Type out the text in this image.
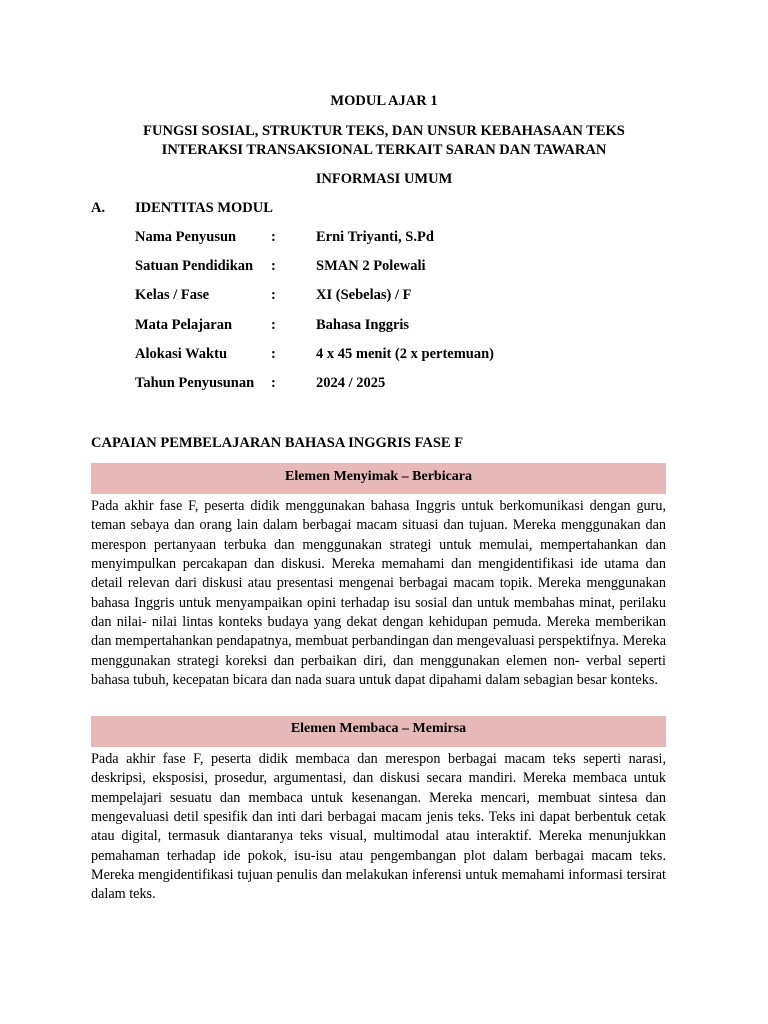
MODUL AJAR 1
FUNGSI SOSIAL, STRUKTUR TEKS, DAN UNSUR KEBAHASAAN TEKS
INTERAKSI TRANSAKSIONAL TERKAIT SARAN DAN TAWARAN
INFORMASI UMUM
A. IDENTITAS MODUL
Nama Penyusun :	Erni Triyanti, S.Pd
Satuan Pendidikan :	SMAN 2 Polewali
Kelas / Fase	:	XI (Sebelas) / F
Mata Pelajaran	:	Bahasa Inggris
Alokasi Waktu	:	4 x 45 menit (2 x pertemuan)
Tahun Penyusunan :	2024 / 2025
CAPAIAN PEMBELAJARAN BAHASA INGGRIS FASE F
Elemen Menyimak – Berbicara
Pada akhir fase F, peserta didik menggunakan bahasa Inggris untuk berkomunikasi dengan guru, teman sebaya dan orang lain dalam berbagai macam situasi dan tujuan. Mereka menggunakan dan merespon pertanyaan terbuka dan menggunakan strategi untuk memulai, mempertahankan dan menyimpulkan percakapan dan diskusi. Mereka memahami dan mengidentifikasi ide utama dan detail relevan dari diskusi atau presentasi mengenai berbagai macam topik. Mereka menggunakan bahasa Inggris untuk menyampaikan opini terhadap isu sosial dan untuk membahas minat, perilaku dan nilai- nilai lintas konteks budaya yang dekat dengan kehidupan pemuda. Mereka memberikan dan mempertahankan pendapatnya, membuat perbandingan dan mengevaluasi perspektifnya. Mereka menggunakan strategi koreksi dan perbaikan diri, dan menggunakan elemen non- verbal seperti bahasa tubuh, kecepatan bicara dan nada suara untuk dapat dipahami dalam sebagian besar konteks.
Elemen Membaca – Memirsa
Pada akhir fase F, peserta didik membaca dan merespon berbagai macam teks seperti narasi, deskripsi, eksposisi, prosedur, argumentasi, dan diskusi secara mandiri. Mereka membaca untuk mempelajari sesuatu dan membaca untuk kesenangan. Mereka mencari, membuat sintesa dan mengevaluasi detil spesifik dan inti dari berbagai macam jenis teks. Teks ini dapat berbentuk cetak atau digital, termasuk diantaranya teks visual, multimodal atau interaktif. Mereka menunjukkan pemahaman terhadap ide pokok, isu-isu atau pengembangan plot dalam berbagai macam teks. Mereka mengidentifikasi tujuan penulis dan melakukan inferensi untuk memahami informasi tersirat dalam teks.
